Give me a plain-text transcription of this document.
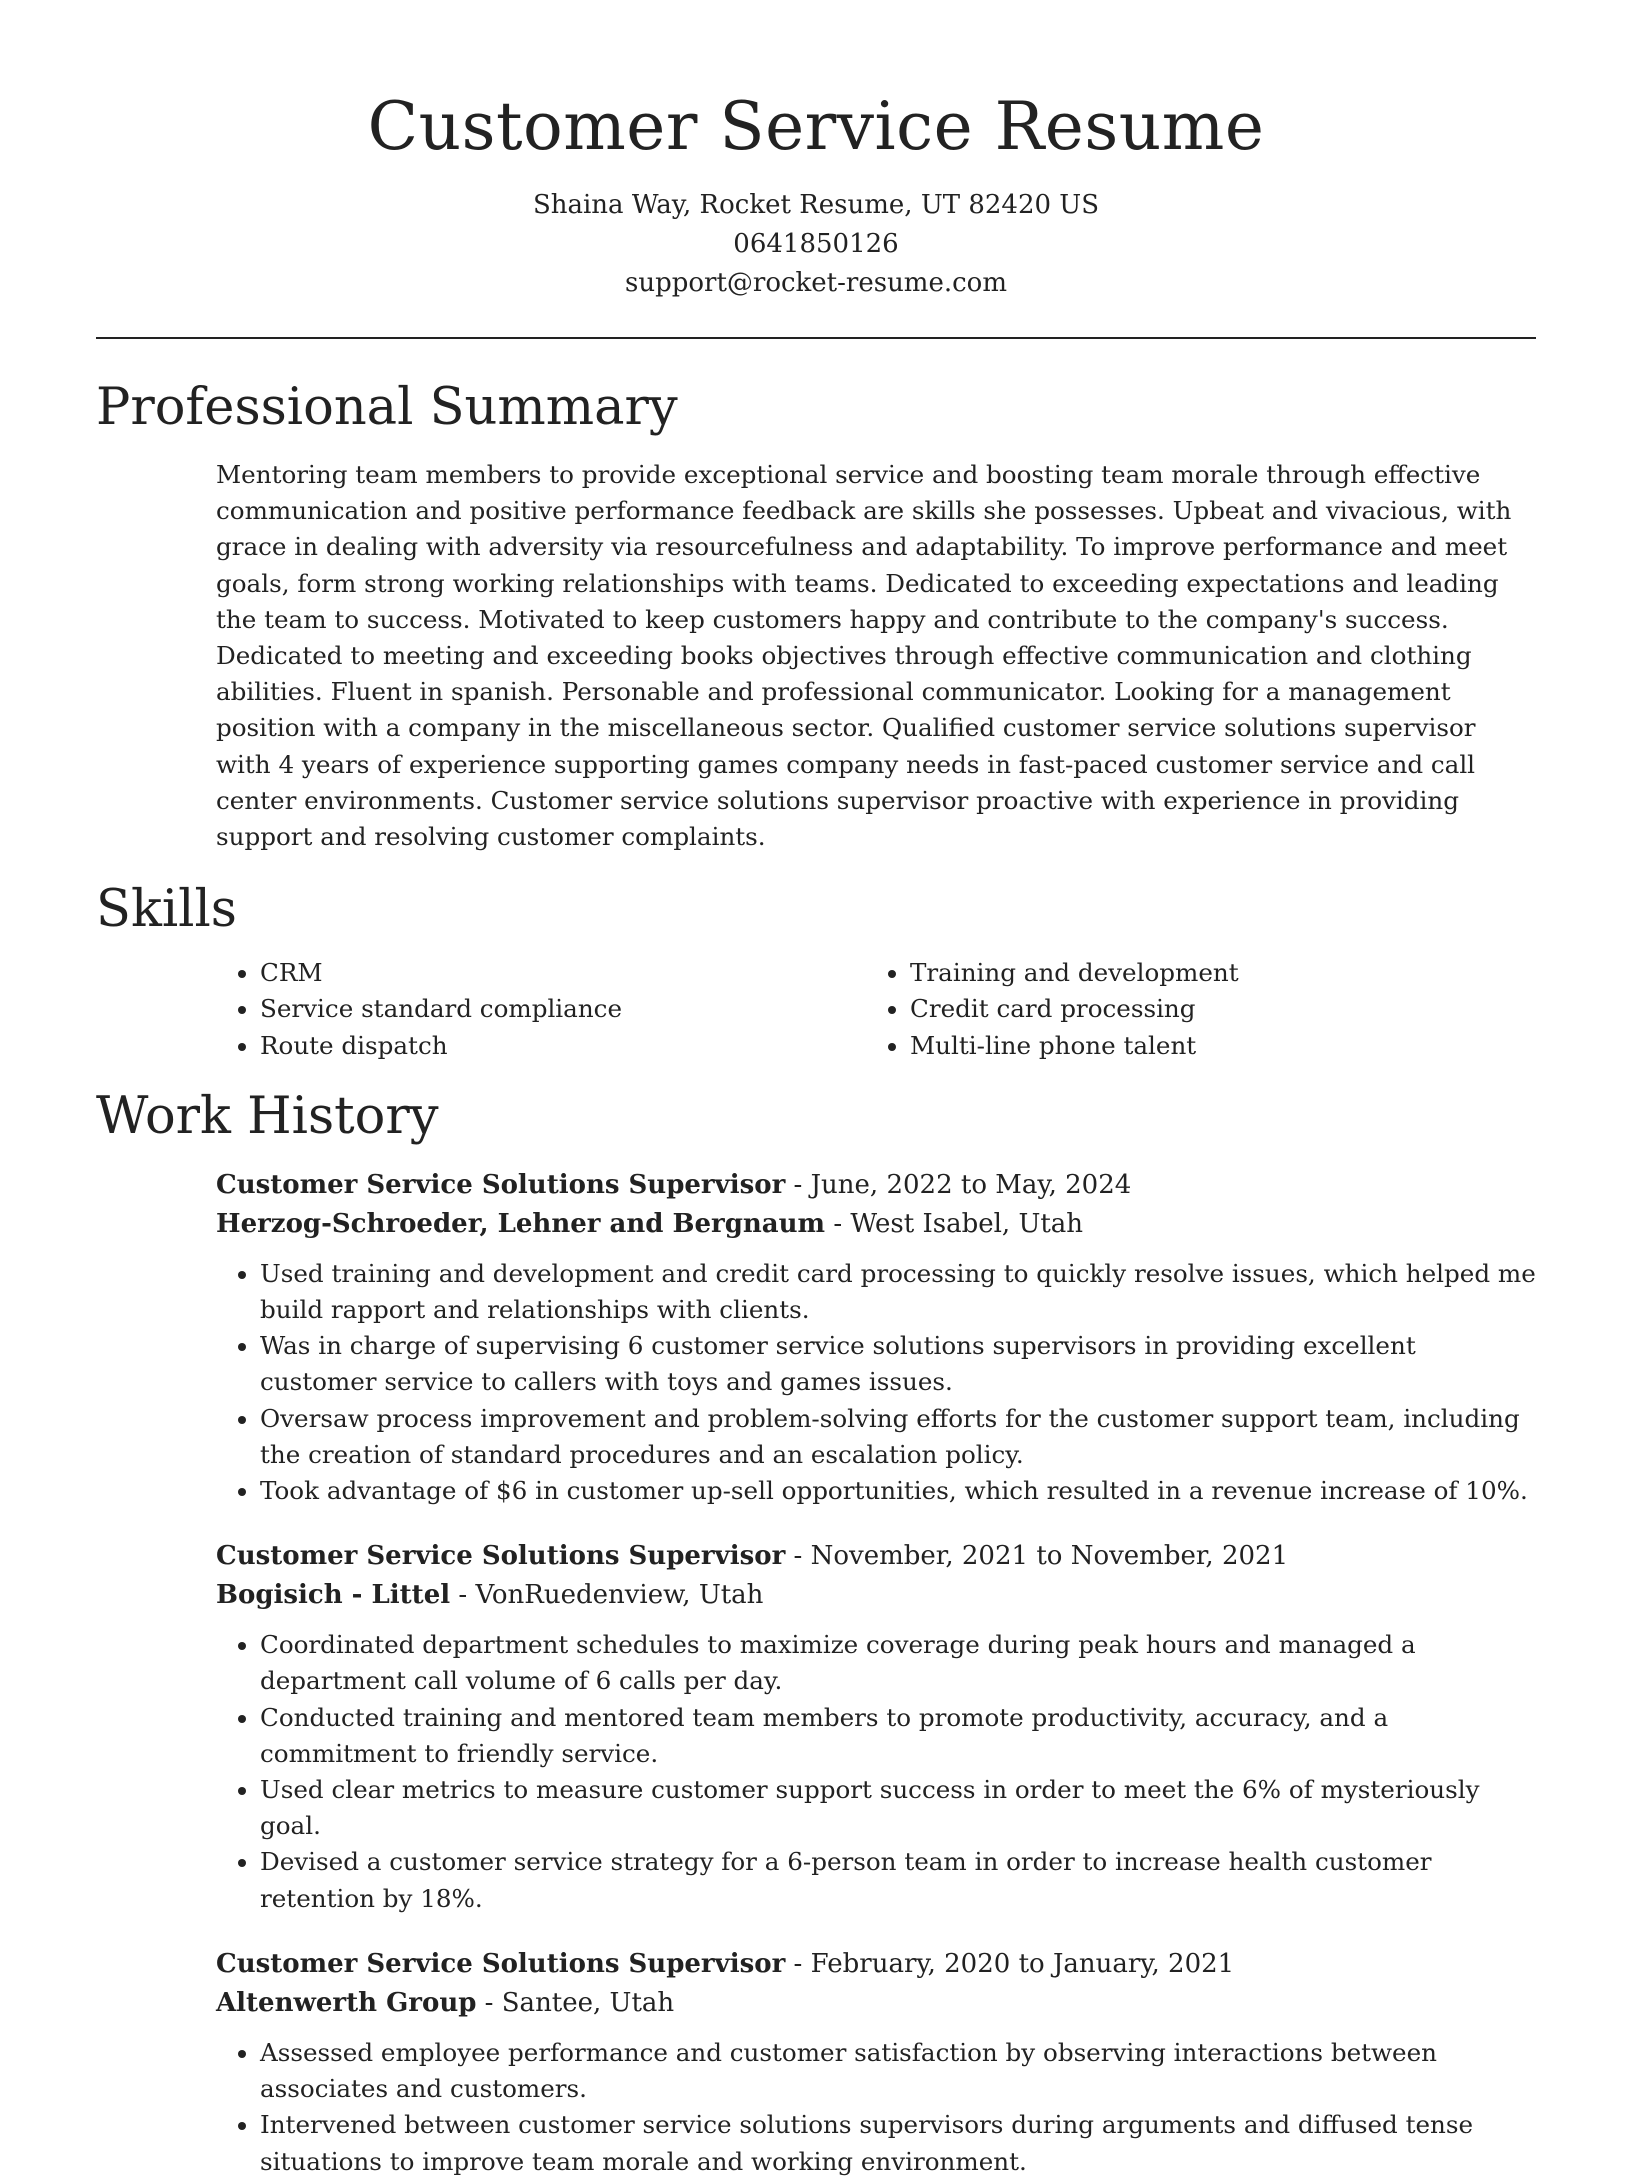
Customer Service Resume
Shaina Way, Rocket Resume, UT 82420 US
0641850126
support@rocket-resume.com
Professional Summary
Mentoring team members to provide exceptional service and boosting team morale through effective communication and positive performance feedback are skills she possesses. Upbeat and vivacious, with grace in dealing with adversity via resourcefulness and adaptability. To improve performance and meet goals, form strong working relationships with teams. Dedicated to exceeding expectations and leading the team to success. Motivated to keep customers happy and contribute to the company's success. Dedicated to meeting and exceeding books objectives through effective communication and clothing abilities. Fluent in spanish. Personable and professional communicator. Looking for a management position with a company in the miscellaneous sector. Qualified customer service solutions supervisor with 4 years of experience supporting games company needs in fast-paced customer service and call center environments. Customer service solutions supervisor proactive with experience in providing support and resolving customer complaints.
Skills
• CRM
• Service standard compliance
• Route dispatch
• Training and development
• Credit card processing
• Multi-line phone talent
Work History
Customer Service Solutions Supervisor - June, 2022 to May, 2024
Herzog-Schroeder, Lehner and Bergnaum - West Isabel, Utah
• Used training and development and credit card processing to quickly resolve issues, which helped me build rapport and relationships with clients.
• Was in charge of supervising 6 customer service solutions supervisors in providing excellent customer service to callers with toys and games issues.
• Oversaw process improvement and problem-solving efforts for the customer support team, including the creation of standard procedures and an escalation policy.
• Took advantage of $6 in customer up-sell opportunities, which resulted in a revenue increase of 10%.
Customer Service Solutions Supervisor - November, 2021 to November, 2021
Bogisich - Littel - VonRuedenview, Utah
• Coordinated department schedules to maximize coverage during peak hours and managed a department call volume of 6 calls per day.
• Conducted training and mentored team members to promote productivity, accuracy, and a commitment to friendly service.
• Used clear metrics to measure customer support success in order to meet the 6% of mysteriously goal.
• Devised a customer service strategy for a 6-person team in order to increase health customer retention by 18%.
Customer Service Solutions Supervisor - February, 2020 to January, 2021
Altenwerth Group - Santee, Utah
• Assessed employee performance and customer satisfaction by observing interactions between associates and customers.
• Intervened between customer service solutions supervisors during arguments and diffused tense situations to improve team morale and working environment.
